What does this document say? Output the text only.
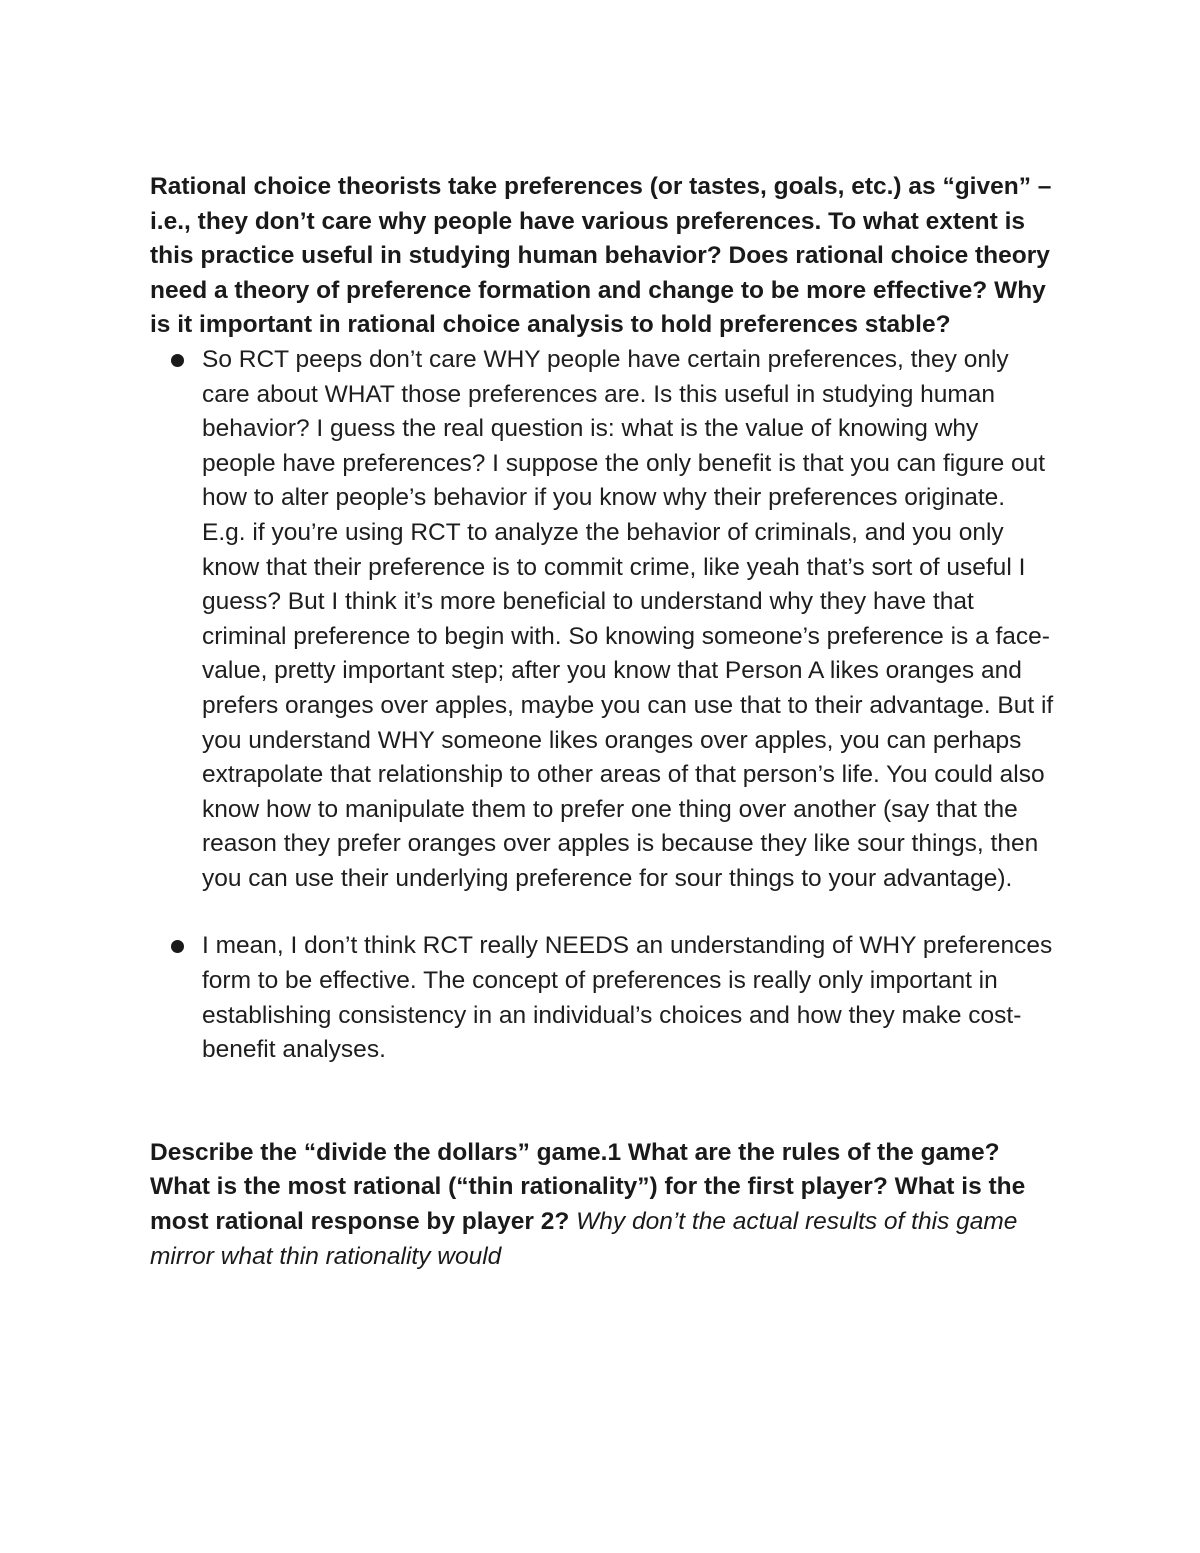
Rational choice theorists take preferences (or tastes, goals, etc.) as “given” – i.e., they don’t care why people have various preferences. To what extent is this practice useful in studying human behavior? Does rational choice theory need a theory of preference formation and change to be more effective? Why is it important in rational choice analysis to hold preferences stable?

So RCT peeps don’t care WHY people have certain preferences, they only care about WHAT those preferences are. Is this useful in studying human behavior? I guess the real question is: what is the value of knowing why people have preferences? I suppose the only benefit is that you can figure out how to alter people’s behavior if you know why their preferences originate. E.g. if you’re using RCT to analyze the behavior of criminals, and you only know that their preference is to commit crime, like yeah that’s sort of useful I guess? But I think it’s more beneficial to understand why they have that criminal preference to begin with. So knowing someone’s preference is a face-value, pretty important step; after you know that Person A likes oranges and prefers oranges over apples, maybe you can use that to their advantage. But if you understand WHY someone likes oranges over apples, you can perhaps extrapolate that relationship to other areas of that person’s life. You could also know how to manipulate them to prefer one thing over another (say that the reason they prefer oranges over apples is because they like sour things, then you can use their underlying preference for sour things to your advantage).
I mean, I don’t think RCT really NEEDS an understanding of WHY preferences form to be effective. The concept of preferences is really only important in establishing consistency in an individual’s choices and how they make cost-benefit analyses.

Describe the “divide the dollars” game.1 What are the rules of the game? What is the most rational (“thin rationality”) for the first player? What is the most rational response by player 2? Why don’t the actual results of this game mirror what thin rationality would
